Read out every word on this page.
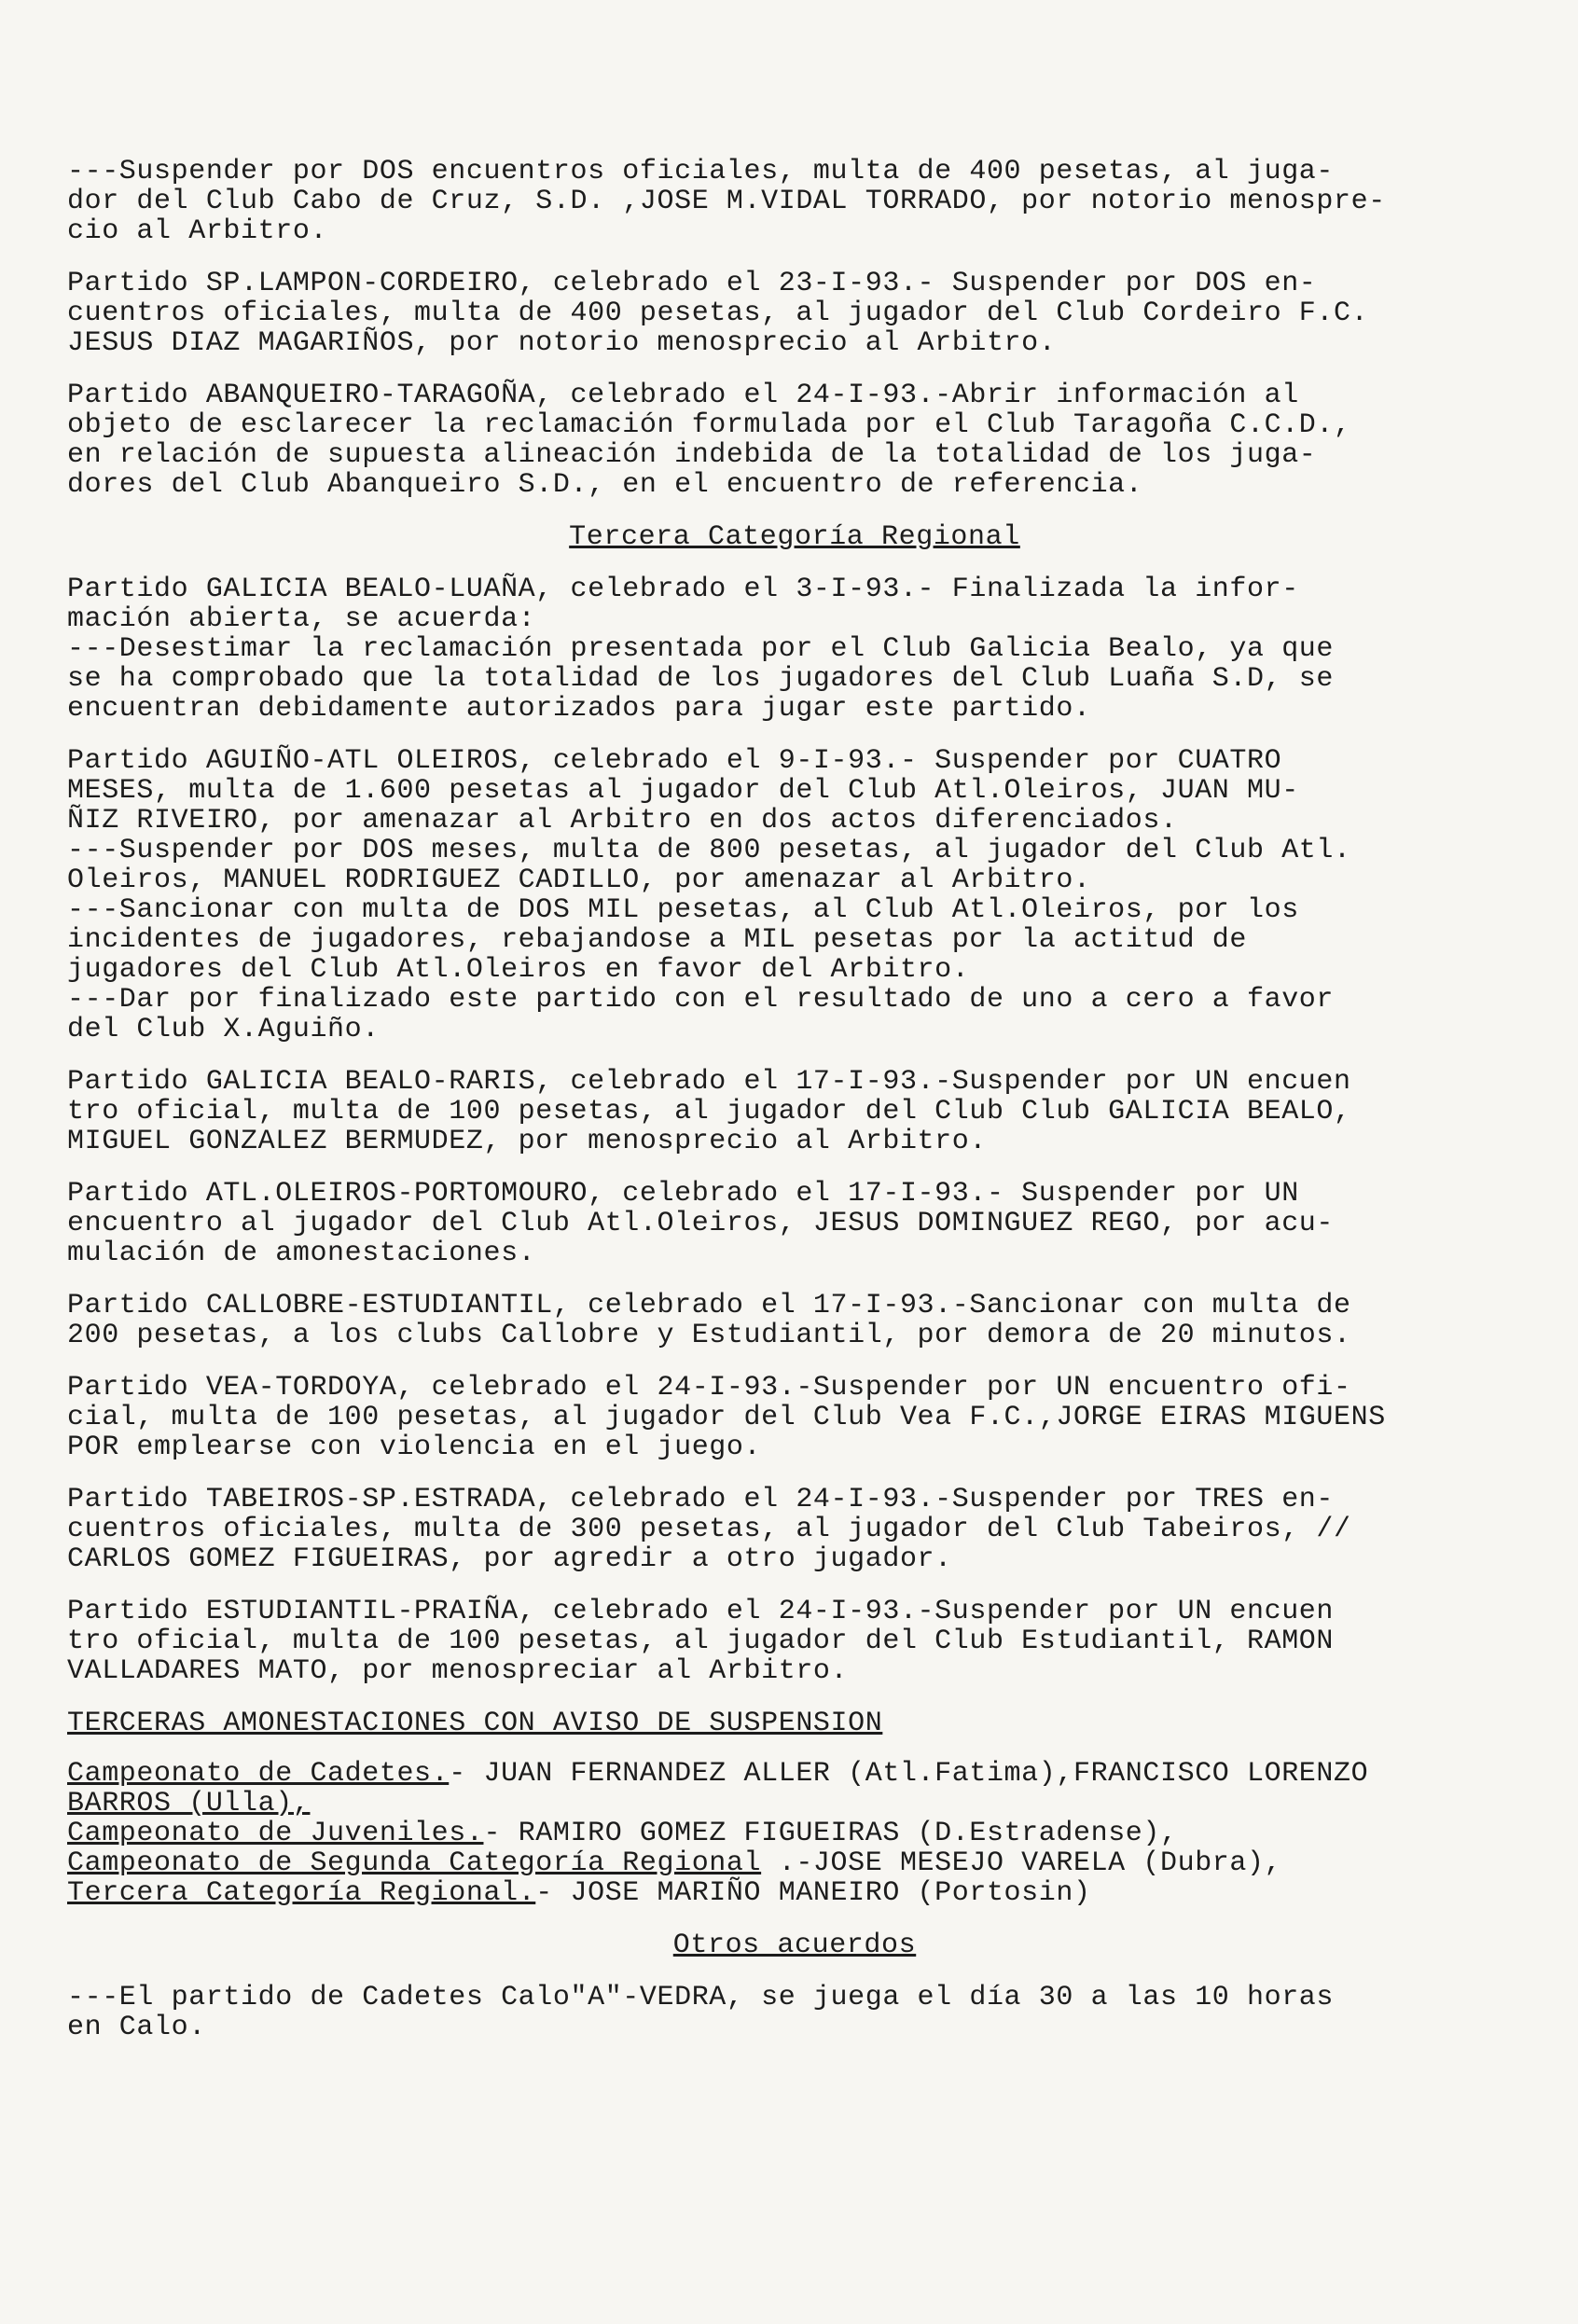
---Suspender por DOS encuentros oficiales, multa de 400 pesetas, al juga-
dor del Club Cabo de Cruz, S.D. ,JOSE M.VIDAL TORRADO, por notorio menospre-
cio al Arbitro.
Partido SP.LAMPON-CORDEIRO, celebrado el 23-I-93.- Suspender por DOS en-
cuentros oficiales, multa de 400 pesetas, al jugador del Club Cordeiro F.C.
JESUS DIAZ MAGARIÑOS, por notorio menosprecio al Arbitro.
Partido ABANQUEIRO-TARAGOÑA, celebrado el 24-I-93.-Abrir información al
objeto de esclarecer la reclamación formulada por el Club Taragoña C.C.D.,
en relación de supuesta alineación indebida de la totalidad de los juga-
dores del Club Abanqueiro S.D., en el encuentro de referencia.
Tercera Categoría Regional
Partido GALICIA BEALO-LUAÑA, celebrado el 3-I-93.- Finalizada la infor-
mación abierta, se acuerda:
---Desestimar la reclamación presentada por el Club Galicia Bealo, ya que
se ha comprobado que la totalidad de los jugadores del Club Luaña S.D, se
encuentran debidamente autorizados para jugar este partido.
Partido AGUIÑO-ATL OLEIROS, celebrado el 9-I-93.- Suspender por CUATRO
MESES, multa de 1.600 pesetas al jugador del Club Atl.Oleiros, JUAN MU-
ÑIZ RIVEIRO, por amenazar al Arbitro en dos actos diferenciados.
---Suspender por DOS meses, multa de 800 pesetas, al jugador del Club Atl.
Oleiros, MANUEL RODRIGUEZ CADILLO, por amenazar al Arbitro.
---Sancionar con multa de DOS MIL pesetas, al Club Atl.Oleiros, por los
incidentes de jugadores, rebajandose a MIL pesetas por la actitud de
jugadores del Club Atl.Oleiros en favor del Arbitro.
---Dar por finalizado este partido con el resultado de uno a cero a favor
del Club X.Aguiño.
Partido GALICIA BEALO-RARIS, celebrado el 17-I-93.-Suspender por UN encuen
tro oficial, multa de 100 pesetas, al jugador del Club Club GALICIA BEALO,
MIGUEL GONZALEZ BERMUDEZ, por menosprecio al Arbitro.
Partido ATL.OLEIROS-PORTOMOURO, celebrado el 17-I-93.- Suspender por UN
encuentro al jugador del Club Atl.Oleiros, JESUS DOMINGUEZ REGO, por acu-
mulación de amonestaciones.
Partido CALLOBRE-ESTUDIANTIL, celebrado el 17-I-93.-Sancionar con multa de
200 pesetas, a los clubs Callobre y Estudiantil, por demora de 20 minutos.
Partido VEA-TORDOYA, celebrado el 24-I-93.-Suspender por UN encuentro ofi-
cial, multa de 100 pesetas, al jugador del Club Vea F.C.,JORGE EIRAS MIGUENS
POR emplearse con violencia en el juego.
Partido TABEIROS-SP.ESTRADA, celebrado el 24-I-93.-Suspender por TRES en-
cuentros oficiales, multa de 300 pesetas, al jugador del Club Tabeiros, //
CARLOS GOMEZ FIGUEIRAS, por agredir a otro jugador.
Partido ESTUDIANTIL-PRAIÑA, celebrado el 24-I-93.-Suspender por UN encuen
tro oficial, multa de 100 pesetas, al jugador del Club Estudiantil, RAMON
VALLADARES MATO, por menospreciar al Arbitro.
TERCERAS AMONESTACIONES CON AVISO DE SUSPENSION
Campeonato de Cadetes.- JUAN FERNANDEZ ALLER (Atl.Fatima),FRANCISCO LORENZO
BARROS (Ulla),
Campeonato de Juveniles.- RAMIRO GOMEZ FIGUEIRAS (D.Estradense),
Campeonato de Segunda Categoría Regional .-JOSE MESEJO VARELA (Dubra),
Tercera Categoría Regional.- JOSE MARIÑO MANEIRO (Portosin)
Otros acuerdos
---El partido de Cadetes Calo"A"-VEDRA, se juega el día 30 a las 10 horas
en Calo.
